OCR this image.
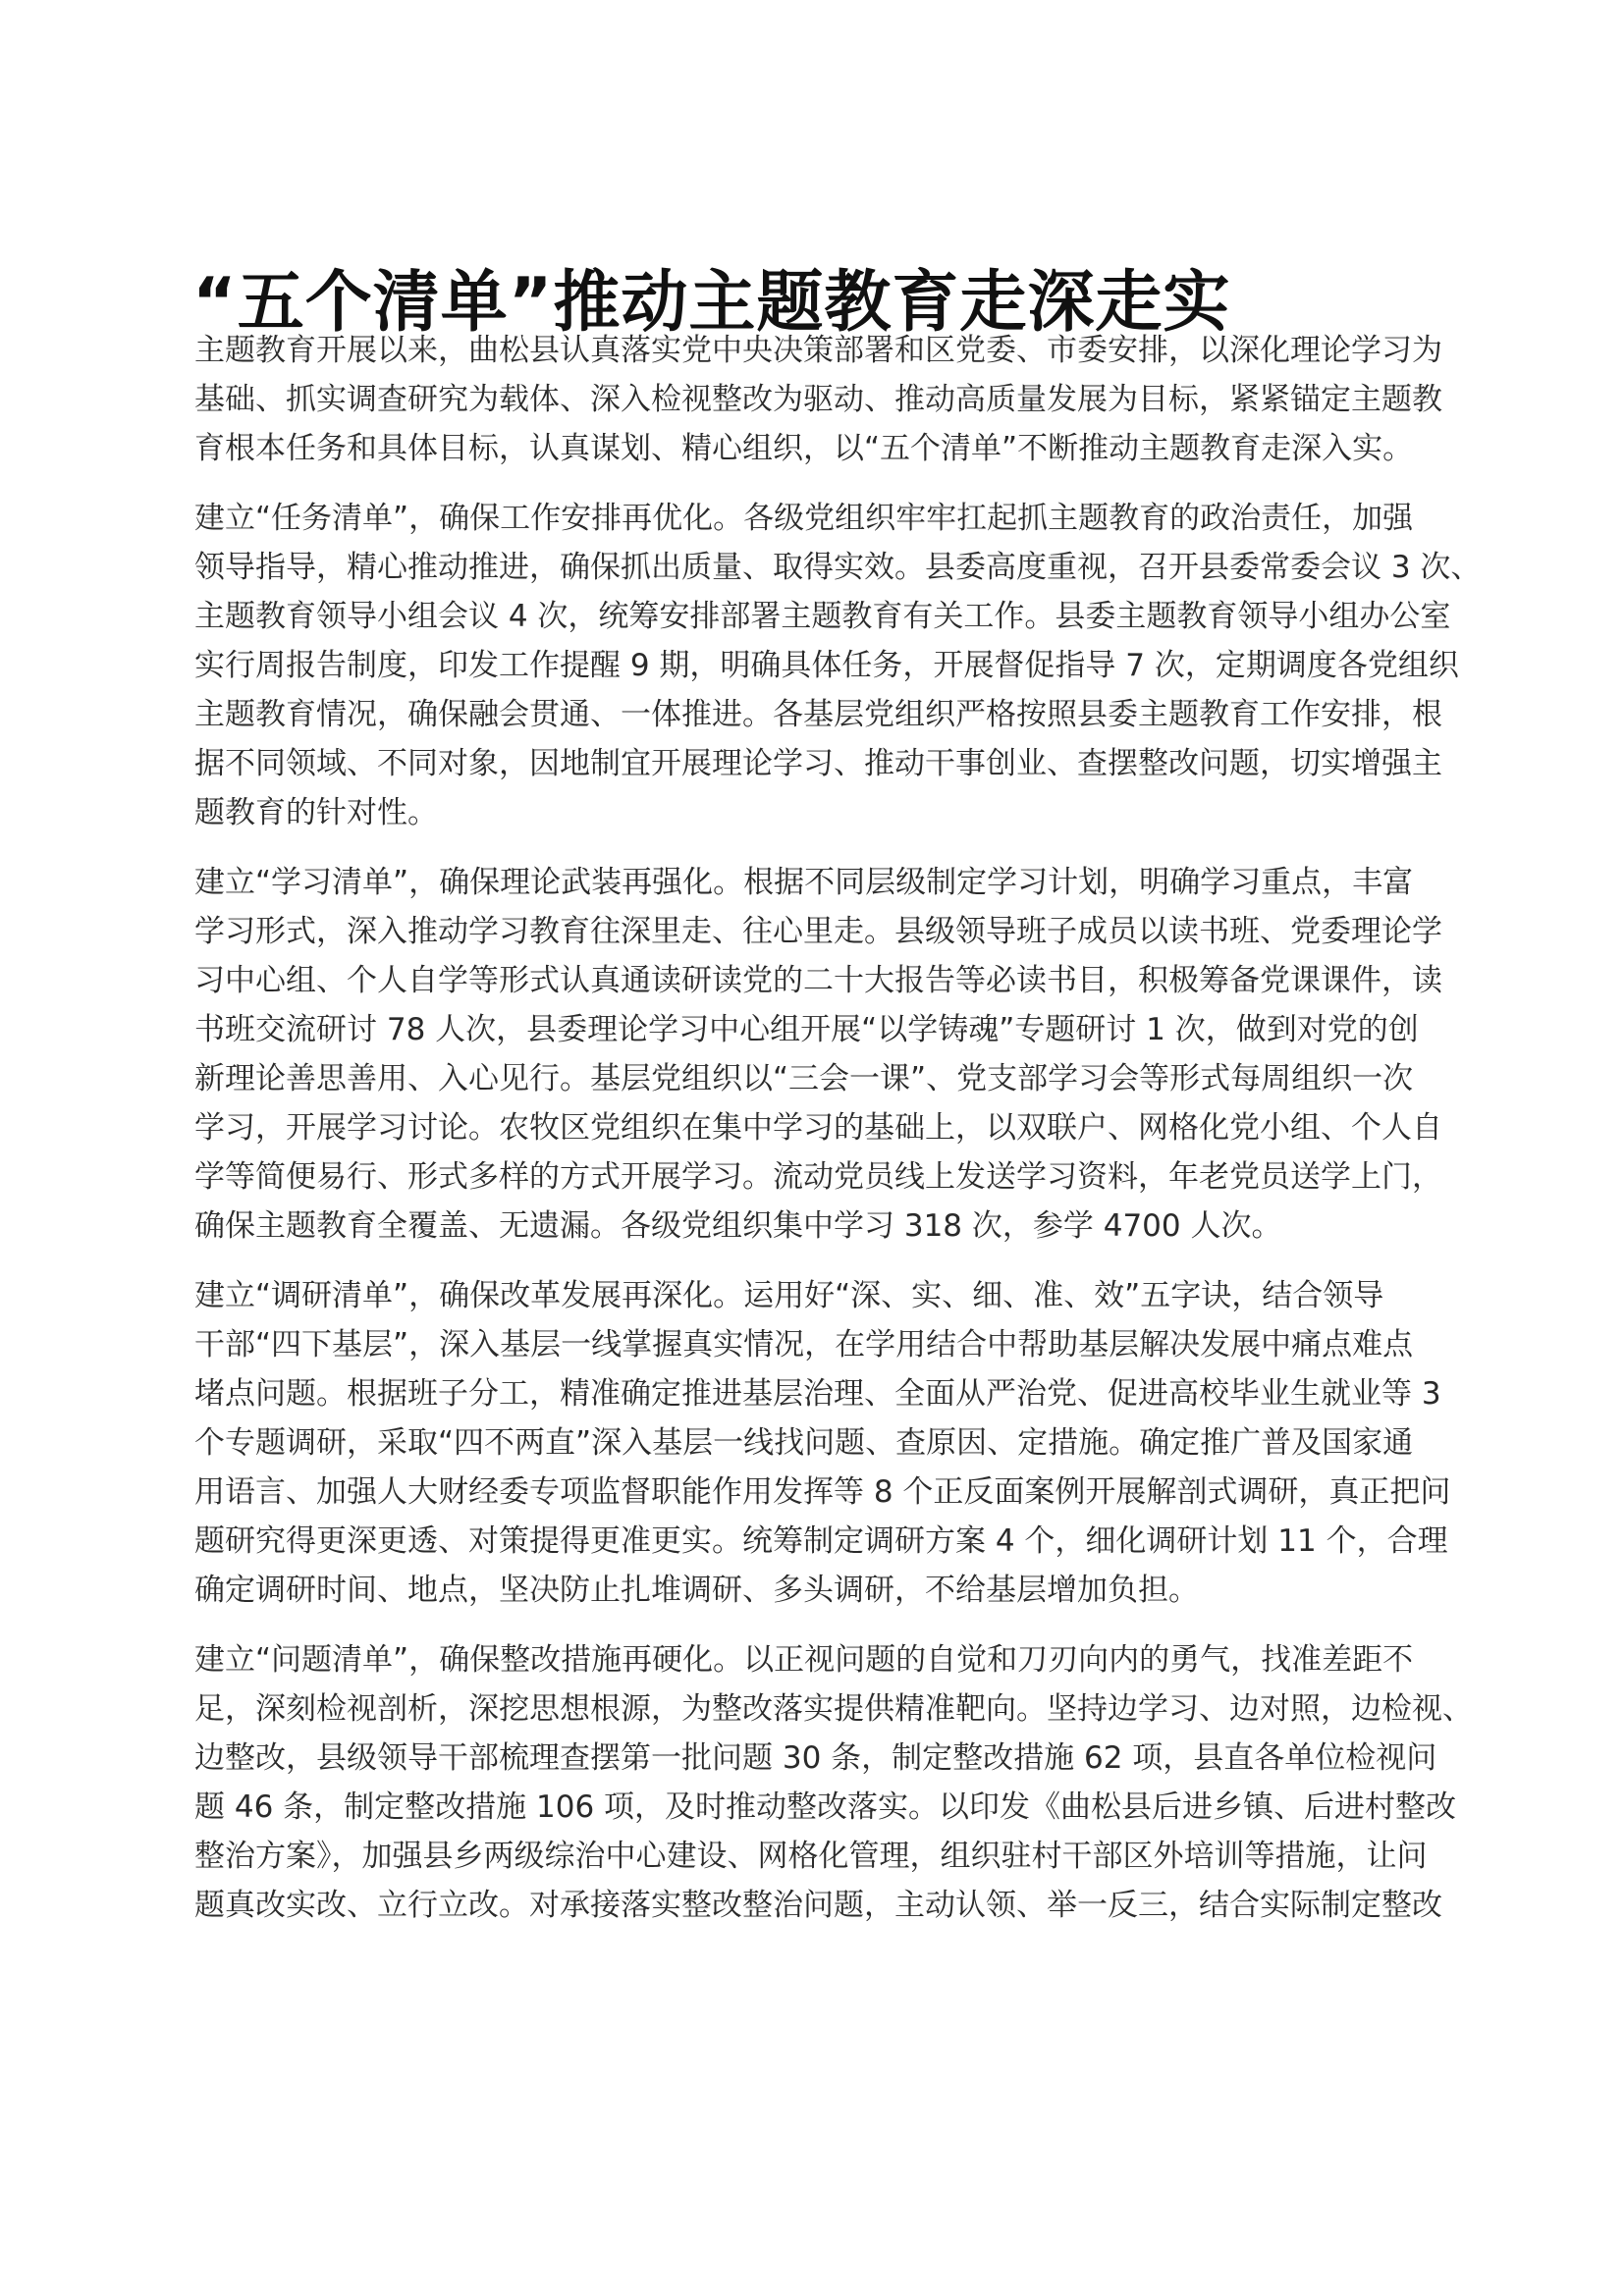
“五个清单”推动主题教育走深走实
主题教育开展以来，曲松县认真落实党中央决策部署和区党委、市委安排，以深化理论学习为
基础、抓实调查研究为载体、深入检视整改为驱动、推动高质量发展为目标，紧紧锚定主题教
育根本任务和具体目标，认真谋划、精心组织，以“五个清单”不断推动主题教育走深入实。
建立“任务清单”，确保工作安排再优化。各级党组织牢牢扛起抓主题教育的政治责任，加强
领导指导，精心推动推进，确保抓出质量、取得实效。县委高度重视，召开县委常委会议 3 次、
主题教育领导小组会议 4 次，统筹安排部署主题教育有关工作。县委主题教育领导小组办公室
实行周报告制度，印发工作提醒 9 期，明确具体任务，开展督促指导 7 次，定期调度各党组织
主题教育情况，确保融会贯通、一体推进。各基层党组织严格按照县委主题教育工作安排，根
据不同领域、不同对象，因地制宜开展理论学习、推动干事创业、查摆整改问题，切实增强主
题教育的针对性。
建立“学习清单”，确保理论武装再强化。根据不同层级制定学习计划，明确学习重点，丰富
学习形式，深入推动学习教育往深里走、往心里走。县级领导班子成员以读书班、党委理论学
习中心组、个人自学等形式认真通读研读党的二十大报告等必读书目，积极筹备党课课件，读
书班交流研讨 78 人次，县委理论学习中心组开展“以学铸魂”专题研讨 1 次，做到对党的创
新理论善思善用、入心见行。基层党组织以“三会一课”、党支部学习会等形式每周组织一次
学习，开展学习讨论。农牧区党组织在集中学习的基础上，以双联户、网格化党小组、个人自
学等简便易行、形式多样的方式开展学习。流动党员线上发送学习资料，年老党员送学上门，
确保主题教育全覆盖、无遗漏。各级党组织集中学习 318 次，参学 4700 人次。
建立“调研清单”，确保改革发展再深化。运用好“深、实、细、准、效”五字诀，结合领导
干部“四下基层”，深入基层一线掌握真实情况，在学用结合中帮助基层解决发展中痛点难点
堵点问题。根据班子分工，精准确定推进基层治理、全面从严治党、促进高校毕业生就业等 3
个专题调研，采取“四不两直”深入基层一线找问题、查原因、定措施。确定推广普及国家通
用语言、加强人大财经委专项监督职能作用发挥等 8 个正反面案例开展解剖式调研，真正把问
题研究得更深更透、对策提得更准更实。统筹制定调研方案 4 个，细化调研计划 11 个，合理
确定调研时间、地点，坚决防止扎堆调研、多头调研，不给基层增加负担。
建立“问题清单”，确保整改措施再硬化。以正视问题的自觉和刀刃向内的勇气，找准差距不
足，深刻检视剖析，深挖思想根源，为整改落实提供精准靶向。坚持边学习、边对照，边检视、
边整改，县级领导干部梳理查摆第一批问题 30 条，制定整改措施 62 项，县直各单位检视问
题 46 条，制定整改措施 106 项，及时推动整改落实。以印发《曲松县后进乡镇、后进村整改
整治方案》，加强县乡两级综治中心建设、网格化管理，组织驻村干部区外培训等措施，让问
题真改实改、立行立改。对承接落实整改整治问题，主动认领、举一反三，结合实际制定整改
